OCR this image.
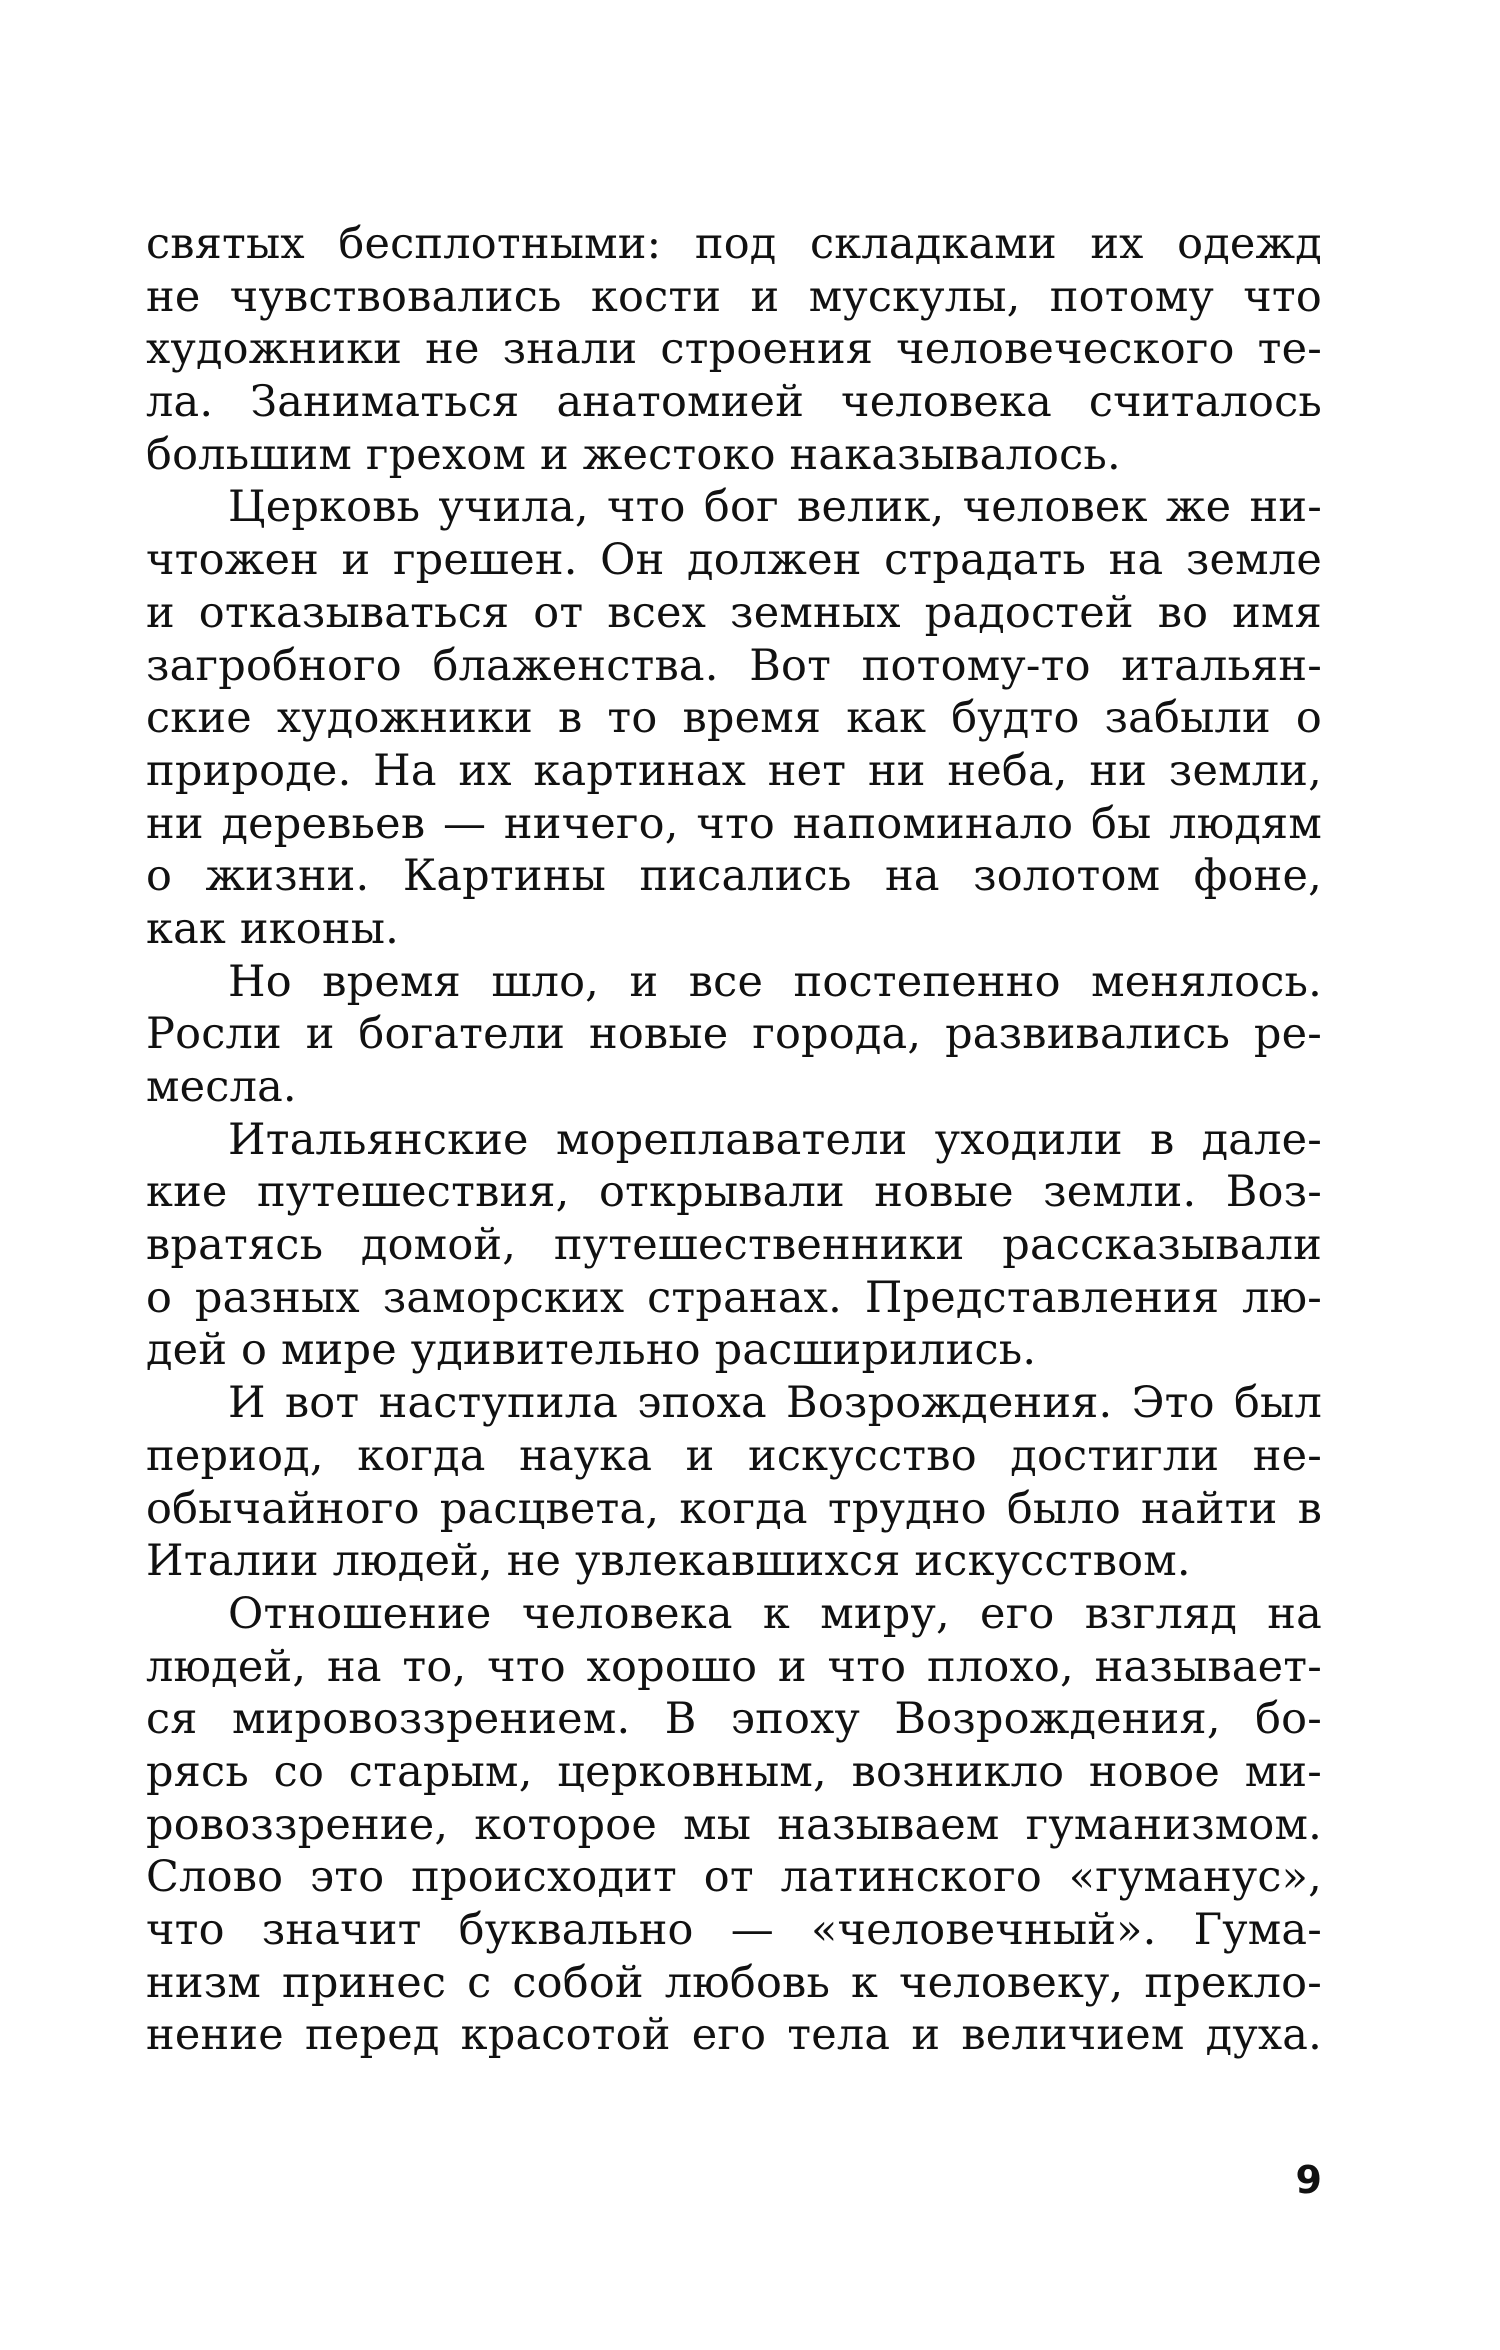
святых бесплотными: под складками их одежд
не чувствовались кости и мускулы, потому что
художники не знали строения человеческого те-
ла. Заниматься анатомией человека считалось
большим грехом и жестоко наказывалось.
Церковь учила, что бог велик, человек же ни-
чтожен и грешен. Он должен страдать на земле
и отказываться от всех земных радостей во имя
загробного блаженства. Вот потому-то итальян-
ские художники в то время как будто забыли о
природе. На их картинах нет ни неба, ни земли,
ни деревьев — ничего, что напоминало бы людям
о жизни. Картины писались на золотом фоне,
как иконы.
Но время шло, и все постепенно менялось.
Росли и богатели новые города, развивались ре-
месла.
Итальянские мореплаватели уходили в дале-
кие путешествия, открывали новые земли. Воз-
вратясь домой, путешественники рассказывали
о разных заморских странах. Представления лю-
дей о мире удивительно расширились.
И вот наступила эпоха Возрождения. Это был
период, когда наука и искусство достигли не-
обычайного расцвета, когда трудно было найти в
Италии людей, не увлекавшихся искусством.
Отношение человека к миру, его взгляд на
людей, на то, что хорошо и что плохо, называет-
ся мировоззрением. В эпоху Возрождения, бо-
рясь со старым, церковным, возникло новое ми-
ровоззрение, которое мы называем гуманизмом.
Слово это происходит от латинского «гуманус»,
что значит буквально — «человечный». Гума-
низм принес с собой любовь к человеку, прекло-
нение перед красотой его тела и величием духа.
9
